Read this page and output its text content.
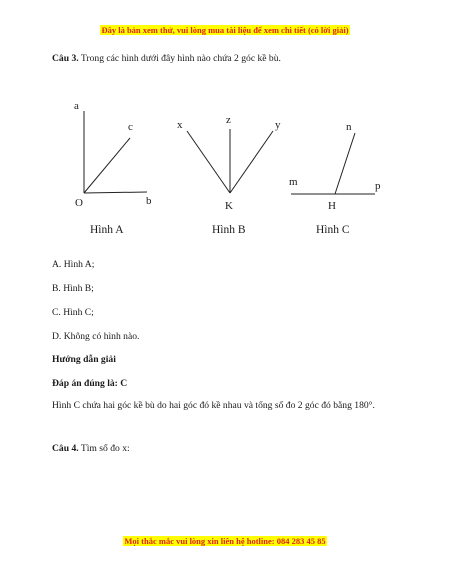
Đây là bản xem thử, vui lòng mua tài liệu để xem chi tiết (có lời giải)
Câu 3. Trong các hình dưới đây hình nào chứa 2 góc kề bù.
a
c
O	b
x	z	y
K
n
m	p
H
Hình A	Hình B	Hình C
A. Hình A;
B. Hình B;
C. Hình C;
D. Không có hình nào.
Hướng dẫn giải
Đáp án đúng là: C
Hình C chứa hai góc kề bù do hai góc đó kề nhau và tổng số đo 2 góc đó bằng 180°.
Câu 4. Tìm số đo x:
Mọi thắc mắc vui lòng xin liên hệ hotline: 084 283 45 85
